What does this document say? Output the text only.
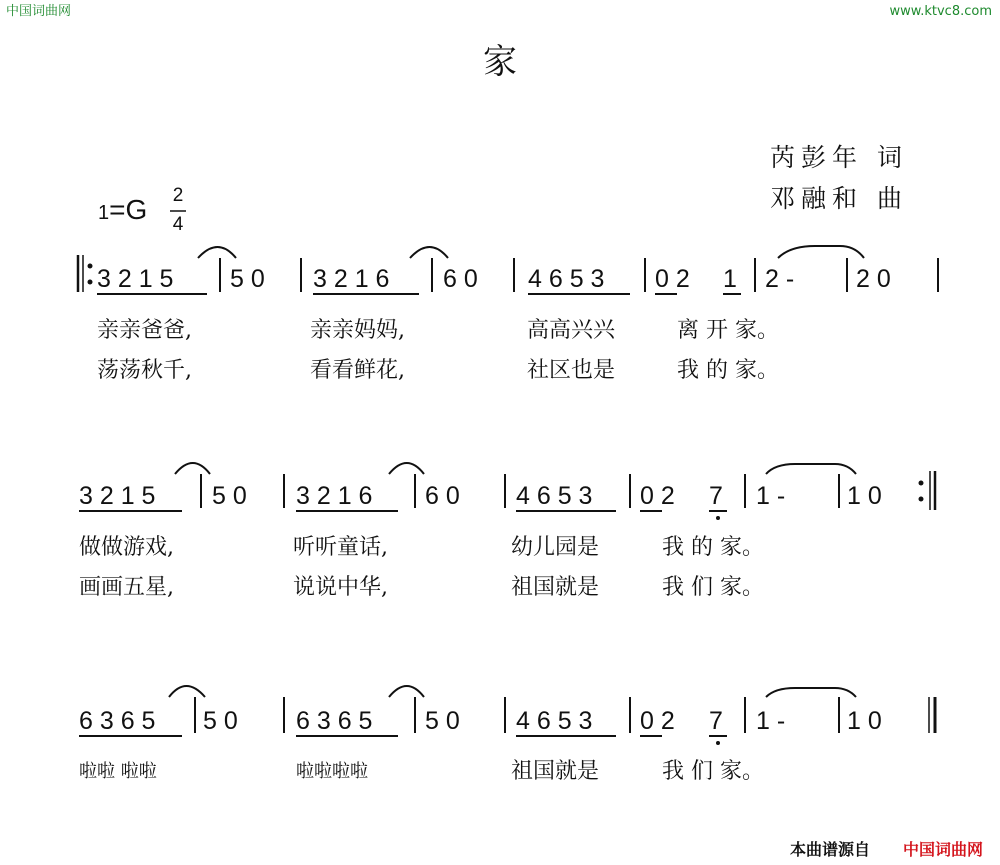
中国词曲网	www.ktvc8.com
家
芮彭年 词
邓融和 曲
1=G 2
4
3 2 1 5 5 0 3 2 1 6 6 0 4 6 5 3 0 2 1 2 - 2 0
亲亲爸爸,	亲亲妈妈,	高高兴兴	离 开 家。
荡荡秋千,	看看鲜花,	社区也是	我 的 家。
3 2 1 5 5 0 3 2 1 6 6 0 4 6 5 3 0 2 7 1 - 1 0
做做游戏,	听听童话,	幼儿园是	我 的 家。
画画五星,	说说中华,	祖国就是	我 们 家。
6 3 6 5 5 0 6 3 6 5 5 0 4 6 5 3 0 2 7 1 - 1 0
啦啦 啦啦	啦啦啦啦	祖国就是	我 们 家。
本曲谱源自 中国词曲网
